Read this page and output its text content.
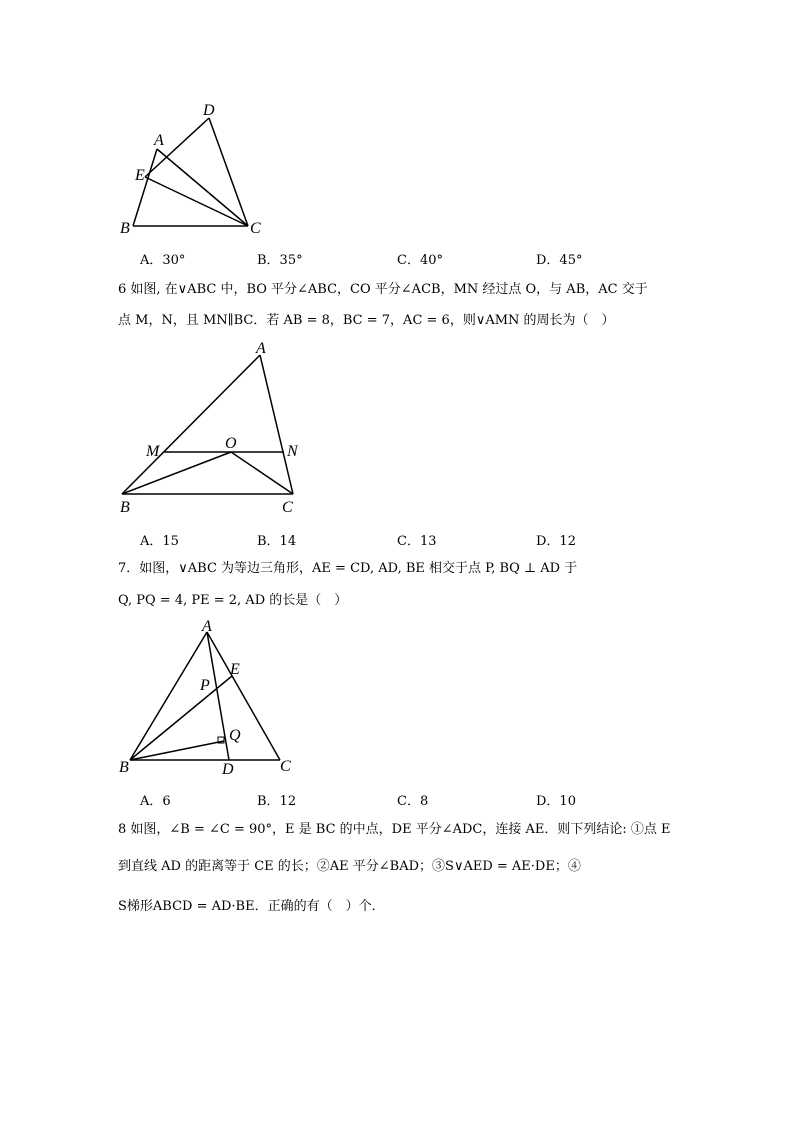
A
D
E
B	C
A．30°	B．35°	C．40°	D．45°
6 如图, 在∨ABC 中，BO 平分∠ABC，CO 平分∠ACB，MN 经过点 O，与 AB，AC 交于
点 M，N，且 MN∥BC．若 AB = 8，BC = 7，AC = 6，则∨AMN 的周长为（　）
A
M	O	N
B	C
A．15	B．14	C．13	D．12
7．如图，∨ABC 为等边三角形，AE = CD, AD, BE 相交于点 P, BQ ⊥ AD 于
Q, PQ = 4, PE = 2, AD 的长是（　）
A
E
P
Q
B	D	C
A．6	B．12	C．8	D．10
8 如图，∠B = ∠C = 90°，E 是 BC 的中点，DE 平分∠ADC，连接 AE．则下列结论: ①点 E
到直线 AD 的距离等于 CE 的长；②AE 平分∠BAD；③S∨AED = AE·DE；④
S梯形ABCD = AD·BE．正确的有（　）个．
